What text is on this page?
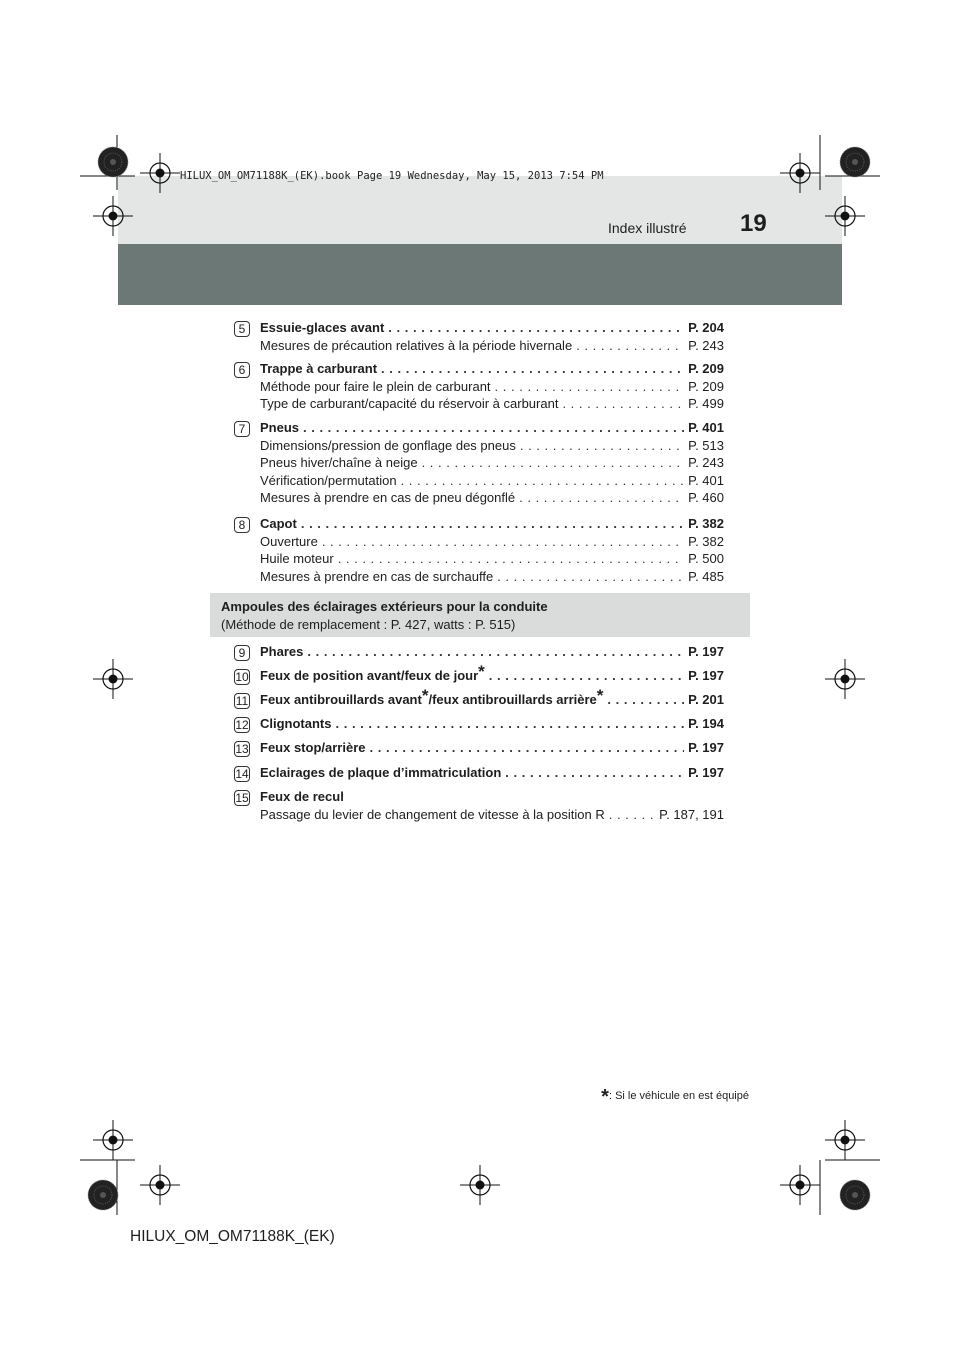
HILUX_OM_OM71188K_(EK).book Page 19 Wednesday, May 15, 2013 7:54 PM
Index illustré 19
5	Essuie-glaces avant . . .	P. 204
Mesures de précaution relatives à la période hivernale . . .	P. 243
6	Trappe à carburant . . .	P. 209
Méthode pour faire le plein de carburant . . .	P. 209
Type de carburant/capacité du réservoir à carburant . . .	P. 499
7	Pneus . . .	P. 401
Dimensions/pression de gonflage des pneus . . .	P. 513
Pneus hiver/chaîne à neige . . .	P. 243
Vérification/permutation . . .	P. 401
Mesures à prendre en cas de pneu dégonflé . . .	P. 460
8	Capot . . .	P. 382
Ouverture . . .	P. 382
Huile moteur . . .	P. 500
Mesures à prendre en cas de surchauffe . . .	P. 485
Ampoules des éclairages extérieurs pour la conduite
(Méthode de remplacement : P. 427, watts : P. 515)
9	Phares . . .	P. 197
10 Feux de position avant/feux de jour* . . .	P. 197
11 Feux antibrouillards avant*/feux antibrouillards arrière* . . .	P. 201
12 Clignotants . . .	P. 194
13 Feux stop/arrière . . .	P. 197
14 Eclairages de plaque d’immatriculation . . .	P. 197
15 Feux de recul
Passage du levier de changement de vitesse à la position R . . .	P. 187, 191
*: Si le véhicule en est équipé
HILUX_OM_OM71188K_(EK)
